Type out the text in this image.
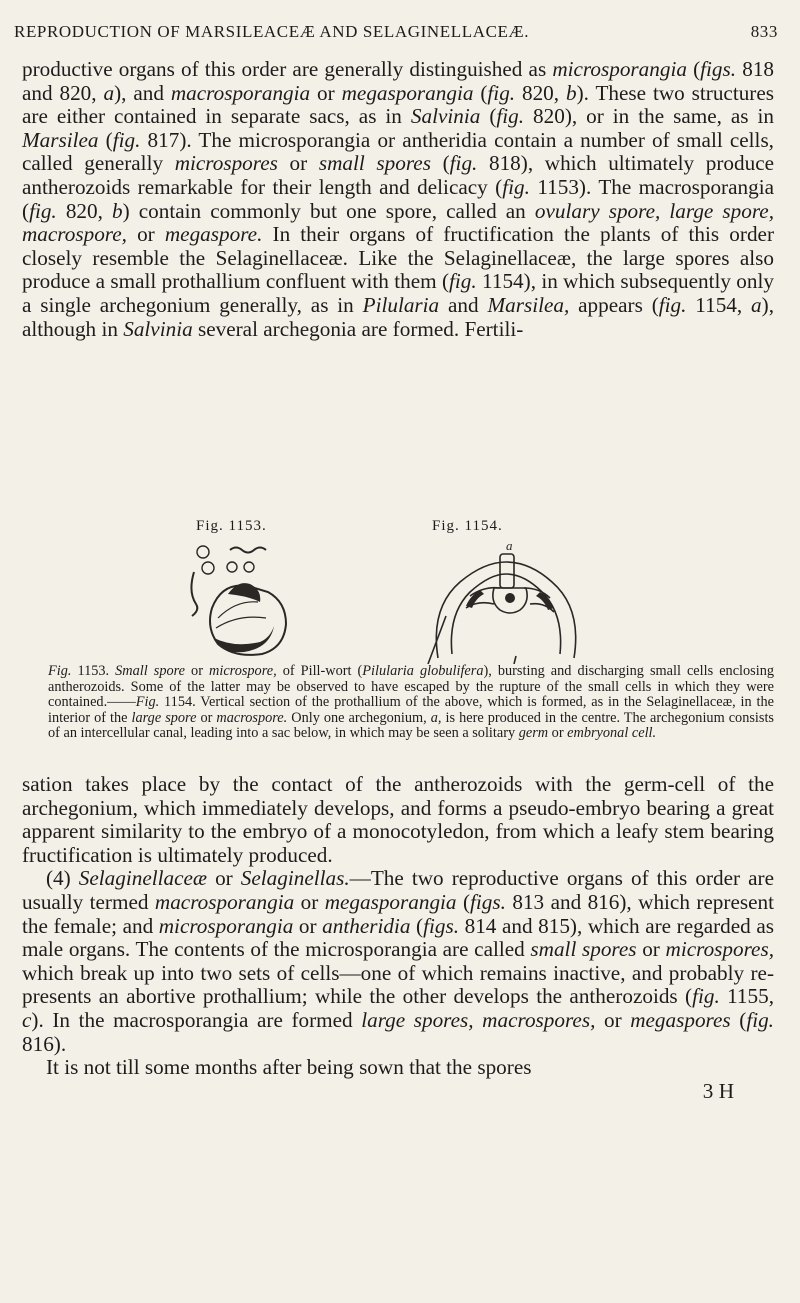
REPRODUCTION OF MARSILEACEÆ AND SELAGINELLACEÆ.	833
productive organs of this order are generally distinguished as microsporangia (figs. 818 and 820, a), and macrosporangia or megasporangia (fig. 820, b). These two structures are either contained in separate sacs, as in Salvinia (fig. 820), or in the same, as in Marsilea (fig. 817). The microsporangia or antheridia contain a number of small cells, called generally microspores or small spores (fig. 818), which ultimately produce antherozoids remarkable for their length and delicacy (fig. 1153). The macrosporangia (fig. 820, b) contain commonly but one spore, called an ovulary spore, large spore, macrospore, or megaspore. In their organs of fructification the plants of this order closely resemble the Selaginellaceæ. Like the Selaginellaceæ, the large spores also produce a small prothallium confluent with them (fig. 1154), in which subsequently only a single archegonium generally, as in Pilularia and Marsilea, appears (fig. 1154, a), although in Salvinia several archegonia are formed. Fertili-
Fig. 1153.	Fig. 1154.
a
Fig. 1153. Small spore or microspore, of Pill-wort (Pilularia globulifera), bursting and discharging small cells enclosing antherozoids. Some of the latter may be observed to have escaped by the rupture of the small cells in which they were contained.——Fig. 1154. Vertical section of the prothallium of the above, which is formed, as in the Selaginellaceæ, in the interior of the large spore or macrospore. Only one archegonium, a, is here produced in the centre. The archegonium consists of an intercellular canal, leading into a sac below, in which may be seen a solitary germ or embryonal cell.
sation takes place by the contact of the antherozoids with the germ-cell of the archegonium, which immediately develops, and forms a pseudo-embryo bearing a great apparent similarity to the embryo of a monocotyledon, from which a leafy stem bearing fructification is ultimately produced.
(4) Selaginellaceæ or Selaginellas.—The two reproductive organs of this order are usually termed macrosporangia or megasporangia (figs. 813 and 816), which represent the female; and microsporangia or antheridia (figs. 814 and 815), which are regarded as male organs. The contents of the microsporangia are called small spores or microspores, which break up into two sets of cells—one of which remains inactive, and probably represents an abortive prothallium; while the other develops the antherozoids (fig. 1155, c). In the macrosporangia are formed large spores, macrospores, or megaspores (fig. 816).
It is not till some months after being sown that the spores

3 H
